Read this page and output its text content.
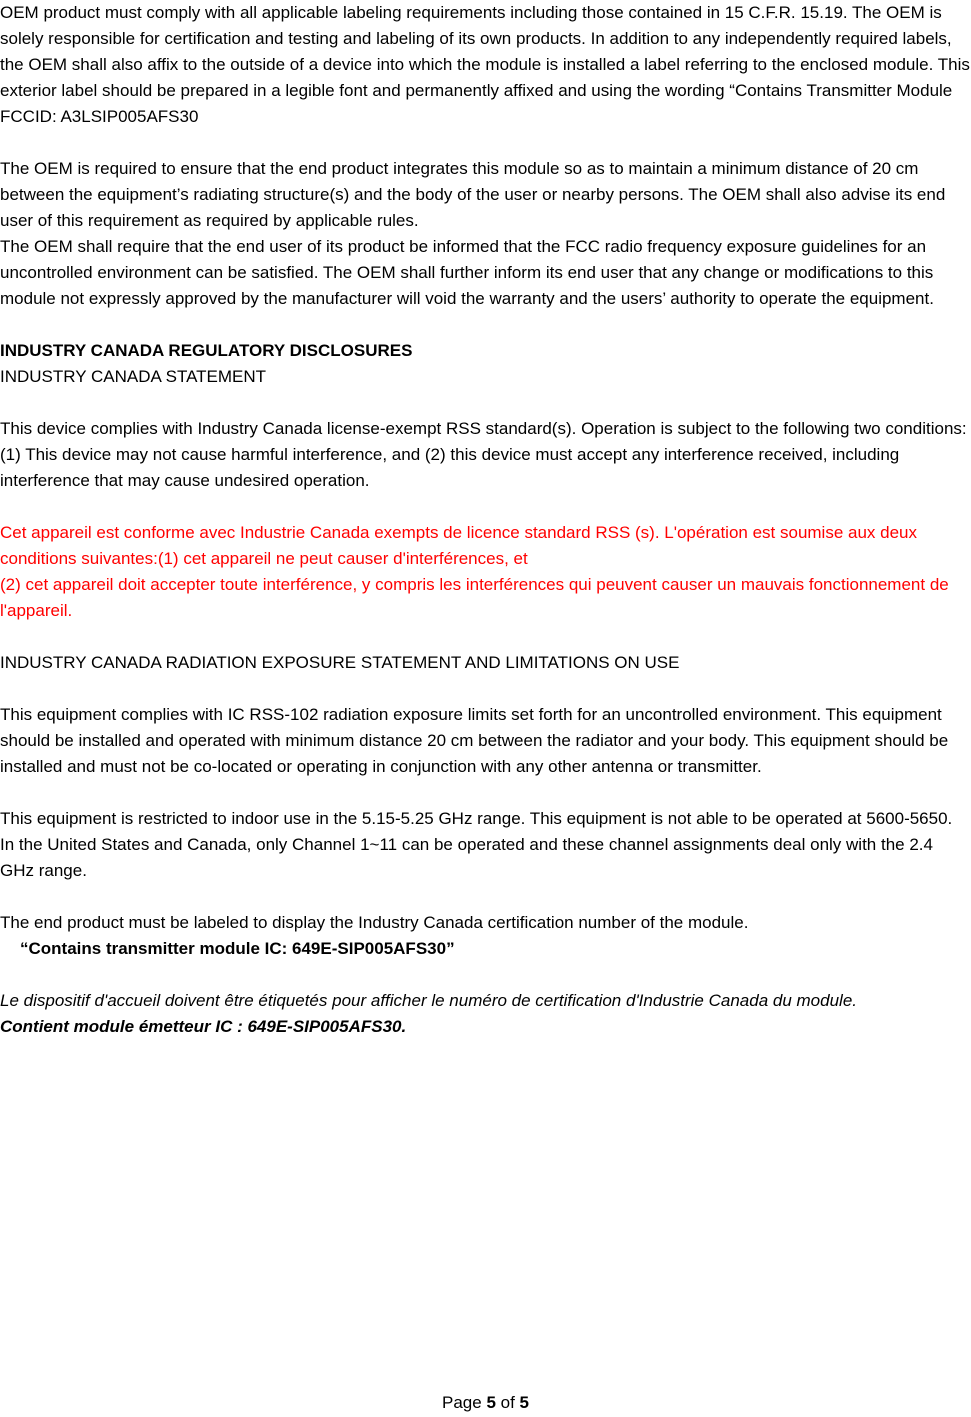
OEM product must comply with all applicable labeling requirements including those contained in 15 C.F.R. 15.19. The OEM is solely responsible for certification and testing and labeling of its own products. In addition to any independently required labels, the OEM shall also affix to the outside of a device into which the module is installed a label referring to the enclosed module. This exterior label should be prepared in a legible font and permanently affixed and using the wording “Contains Transmitter Module FCCID: A3LSIP005AFS30

The OEM is required to ensure that the end product integrates this module so as to maintain a minimum distance of 20 cm between the equipment’s radiating structure(s) and the body of the user or nearby persons. The OEM shall also advise its end user of this requirement as required by applicable rules.

The OEM shall require that the end user of its product be informed that the FCC radio frequency exposure guidelines for an uncontrolled environment can be satisfied. The OEM shall further inform its end user that any change or modifications to this module not expressly approved by the manufacturer will void the warranty and the users’ authority to operate the equipment.

INDUSTRY CANADA REGULATORY DISCLOSURES

INDUSTRY CANADA STATEMENT

This device complies with Industry Canada license-exempt RSS standard(s). Operation is subject to the following two conditions: (1) This device may not cause harmful interference, and (2) this device must accept any interference received, including interference that may cause undesired operation.

Cet appareil est conforme avec Industrie Canada exempts de licence standard RSS (s). L'opération est soumise aux deux conditions suivantes:(1) cet appareil ne peut causer d'interférences, et

(2) cet appareil doit accepter toute interférence, y compris les interférences qui peuvent causer un mauvais fonctionnement de l'appareil.

INDUSTRY CANADA RADIATION EXPOSURE STATEMENT AND LIMITATIONS ON USE

This equipment complies with IC RSS-102 radiation exposure limits set forth for an uncontrolled environment. This equipment should be installed and operated with minimum distance 20 cm between the radiator and your body. This equipment should be installed and must not be co-located or operating in conjunction with any other antenna or transmitter.

This equipment is restricted to indoor use in the 5.15-5.25 GHz range. This equipment is not able to be operated at 5600-5650. In the United States and Canada, only Channel 1~11 can be operated and these channel assignments deal only with the 2.4 GHz range.

The end product must be labeled to display the Industry Canada certification number of the module.

“Contains transmitter module IC: 649E-SIP005AFS30”

Le dispositif d'accueil doivent être étiquetés pour afficher le numéro de certification d'Industrie Canada du module.

Contient module émetteur IC : 649E-SIP005AFS30.

Page 5 of 5
